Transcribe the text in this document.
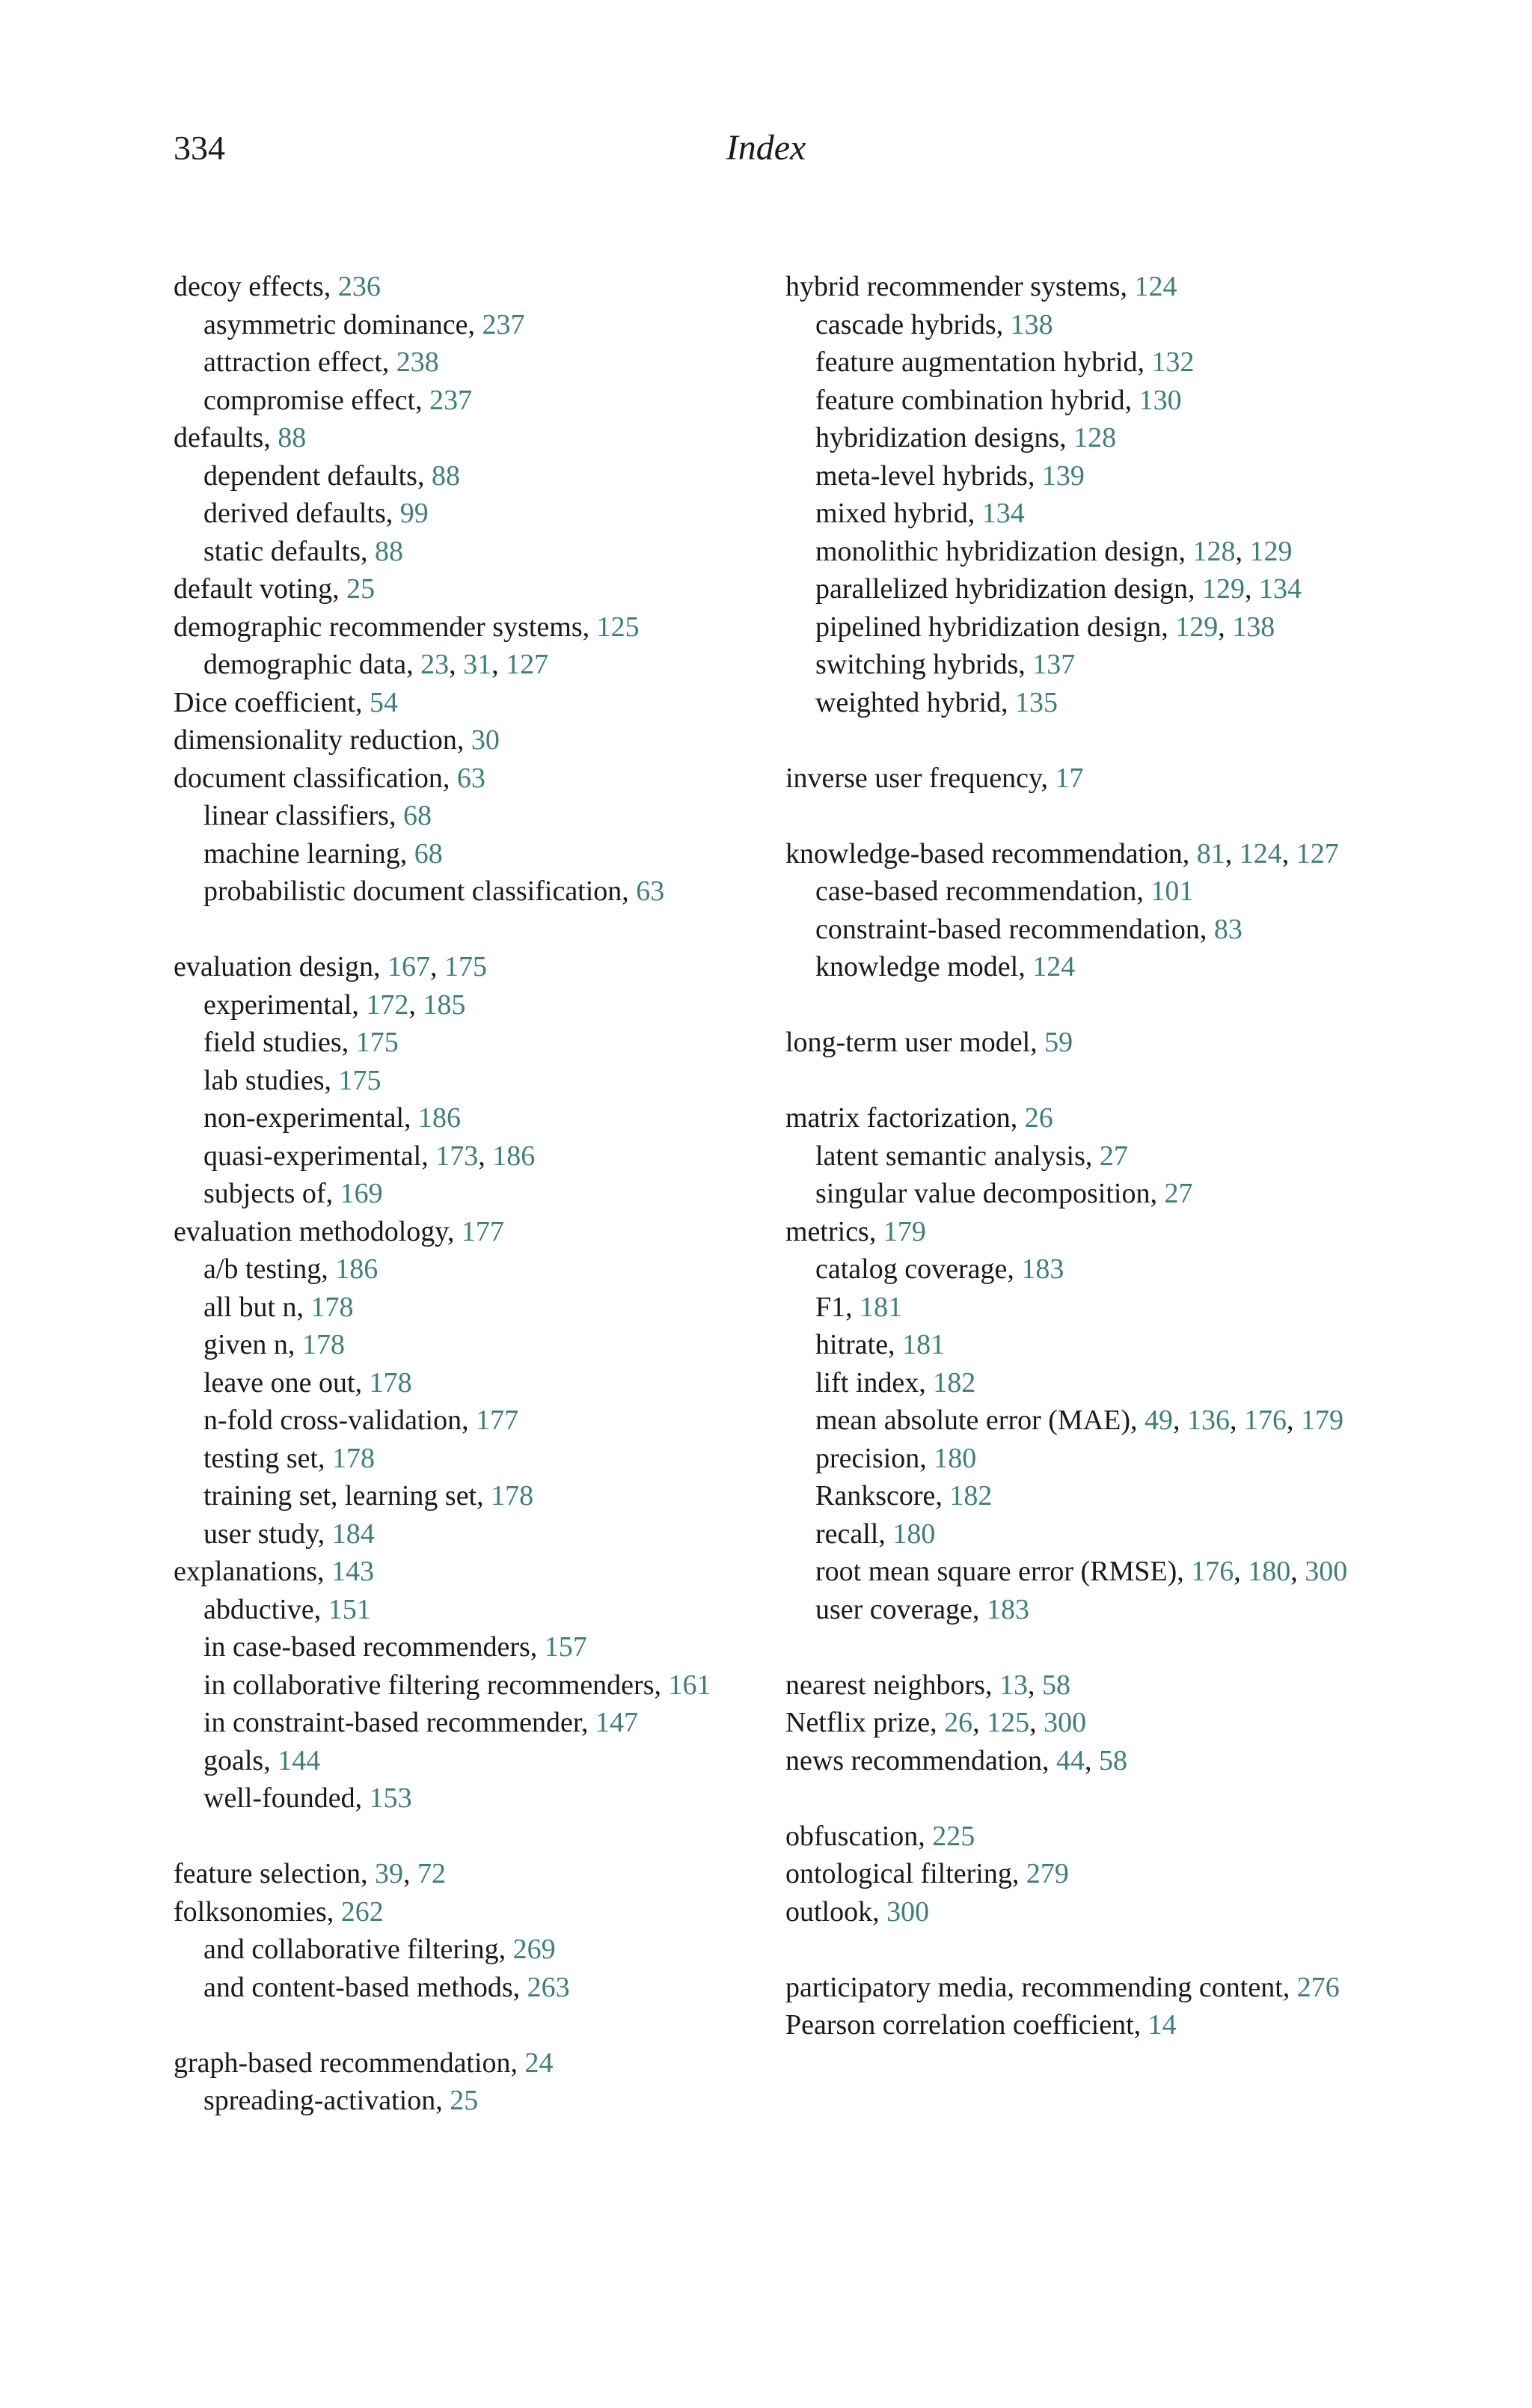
334	Index
decoy effects, 236
asymmetric dominance, 237
attraction effect, 238
compromise effect, 237
defaults, 88
dependent defaults, 88
derived defaults, 99
static defaults, 88
default voting, 25
demographic recommender systems, 125
demographic data, 23, 31, 127
Dice coefficient, 54
dimensionality reduction, 30
document classification, 63
linear classifiers, 68
machine learning, 68
probabilistic document classification, 63
evaluation design, 167, 175
experimental, 172, 185
field studies, 175
lab studies, 175
non-experimental, 186
quasi-experimental, 173, 186
subjects of, 169
evaluation methodology, 177
a/b testing, 186
all but n, 178
given n, 178
leave one out, 178
n-fold cross-validation, 177
testing set, 178
training set, learning set, 178
user study, 184
explanations, 143
abductive, 151
in case-based recommenders, 157
in collaborative filtering recommenders, 161
in constraint-based recommender, 147
goals, 144
well-founded, 153
feature selection, 39, 72
folksonomies, 262
and collaborative filtering, 269
and content-based methods, 263
graph-based recommendation, 24
spreading-activation, 25
hybrid recommender systems, 124
cascade hybrids, 138
feature augmentation hybrid, 132
feature combination hybrid, 130
hybridization designs, 128
meta-level hybrids, 139
mixed hybrid, 134
monolithic hybridization design, 128, 129
parallelized hybridization design, 129, 134
pipelined hybridization design, 129, 138
switching hybrids, 137
weighted hybrid, 135
inverse user frequency, 17
knowledge-based recommendation, 81, 124, 127
case-based recommendation, 101
constraint-based recommendation, 83
knowledge model, 124
long-term user model, 59
matrix factorization, 26
latent semantic analysis, 27
singular value decomposition, 27
metrics, 179
catalog coverage, 183
F1, 181
hitrate, 181
lift index, 182
mean absolute error (MAE), 49, 136, 176, 179
precision, 180
Rankscore, 182
recall, 180
root mean square error (RMSE), 176, 180, 300
user coverage, 183
nearest neighbors, 13, 58
Netflix prize, 26, 125, 300
news recommendation, 44, 58
obfuscation, 225
ontological filtering, 279
outlook, 300
participatory media, recommending content, 276
Pearson correlation coefficient, 14
